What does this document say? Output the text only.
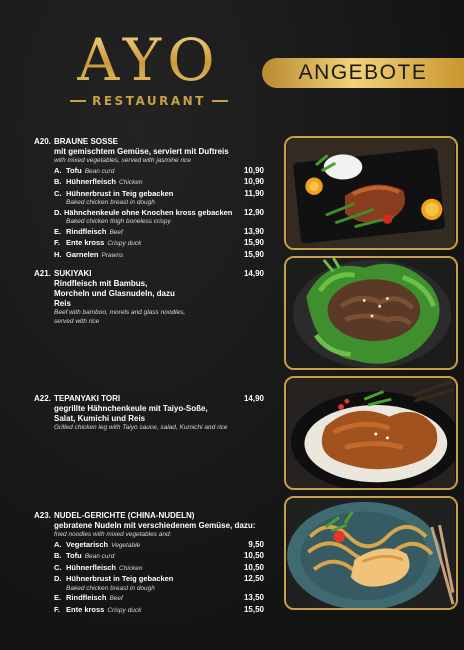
AYO
RESTAURANT
ANGEBOTE
A20. BRAUNE SOSSE
mit gemischtem Gemüse, serviert mit Duftreis
with mixed vegetables, served with jasmine rice
A. Tofu Bean curd	10,90
B. Hühnerfleisch Chicken	10,90
C. Hühnerbrust in Teig gebacken	11,90
Baked chicken breast in dough
D. Hähnchenkeule ohne Knochen kross gebacken	12,90
Baked chicken thigh boneless crispy
E. Rindfleisch Beef	13,90
F. Ente kross Crispy duck	15,90
H. Garnelen Prawns	15,90
A21. SUKIYAKI	14,90
Rindfleisch mit Bambus, Morcheln und Glasnudeln, dazu Reis
Beef with bamboo, morels and glass noodles, served with rice
A22. TEPANYAKI TORI	14,90
gegrillte Hähnchenkeule mit Taiyo-Soße, Salat, Kumichi und Reis
Grilled chicken leg with Taiyo sauce, salad, Kumichi and rice
A23. NUDEL-GERICHTE (CHINA-NUDELN)
gebratene Nudeln mit verschiedenem Gemüse, dazu:
fried noodles with mixed vegetables and:
A. Vegetarisch Vegetable	9,50
B. Tofu Bean curd	10,50
C. Hühnerfleisch Chicken	10,50
D. Hühnerbrust in Teig gebacken	12,50
Baked chicken breast in dough
E. Rindfleisch Beef	13,50
F. Ente kross Crispy duck	15,50
